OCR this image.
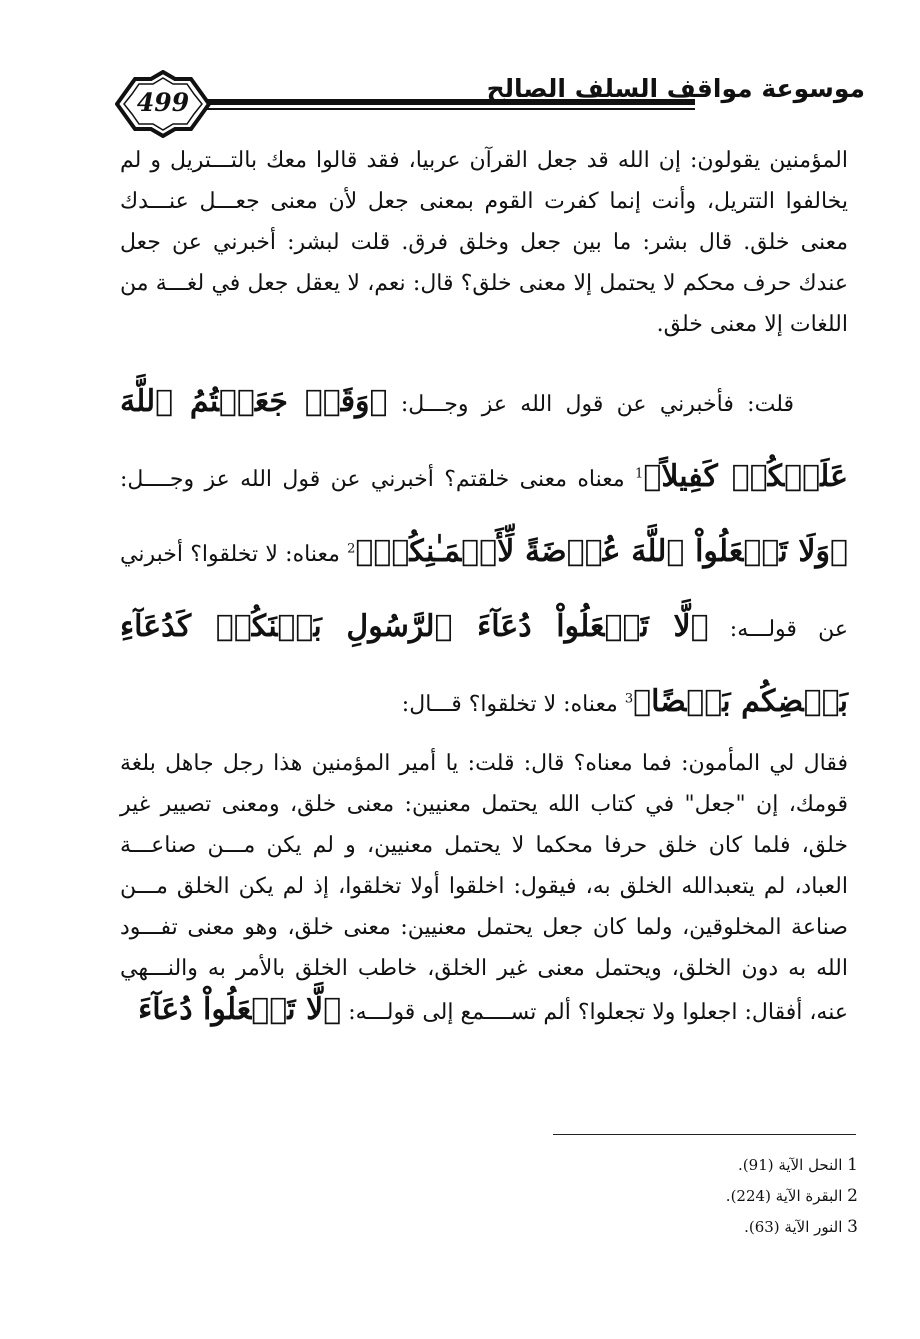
499	موسوعة مواقف السلف الصالح

المؤمنين يقولون: إن الله قد جعل القرآن عربيا، فقد قالوا معك بالتـــتريل و لم يخالفوا التتريل، وأنت إنما كفرت القوم بمعنى جعل لأن معنى جعـــل عنـــدك معنى خلق. قال بشر: ما بين جعل وخلق فرق. قلت لبشر: أخبرني عن جعل عندك حرف محكم لا يحتمل إلا معنى خلق؟ قال: نعم، لا يعقل جعل في لغـــة من اللغات إلا معنى خلق.

قلت: فأخبرني عن قول الله عز وجـــل: ﴿وَقَدۡ جَعَلۡتُمُ ٱللَّهَ عَلَيۡكُمۡ كَفِيلاً﴾$^1$ معناه معنى خلقتم؟ أخبرني عن قول الله عز وجــــل: ﴿وَلَا تَجۡعَلُواْ ٱللَّهَ عُرۡضَةً لِّأَيۡمَـٰنِكُمۡ﴾$^2$ معناه: لا تخلقوا؟ أخبرني عن قولـــه: ﴿لَّا تَجۡعَلُواْ دُعَآءَ ٱلرَّسُولِ بَيۡنَكُمۡ كَدُعَآءِ بَعۡضِكُم بَعۡضًا﴾$^3$ معناه: لا تخلقوا؟ قـــال:

فقال لي المأمون: فما معناه؟ قال: قلت: يا أمير المؤمنين هذا رجل جاهل بلغة قومك، إن "جعل" في كتاب الله يحتمل معنيين: معنى خلق، ومعنى تصيير غير خلق، فلما كان خلق حرفا محكما لا يحتمل معنيين، و لم يكن مـــن صناعـــة العباد، لم يتعبدالله الخلق به، فيقول: اخلقوا أولا تخلقوا، إذ لم يكن الخلق مـــن صناعة المخلوقين، ولما كان جعل يحتمل معنيين: معنى خلق، وهو معنى تفـــود الله به دون الخلق، ويحتمل معنى غير الخلق، خاطب الخلق بالأمر به والنـــهي عنه، أفقال: اجعلوا ولا تجعلوا؟ ألم تســــمع إلى قولـــه: ﴿لَّا تَجۡعَلُواْ دُعَآءَ

1 النحل الآية (91).
2 البقرة الآية (224).
3 النور الآية (63).
